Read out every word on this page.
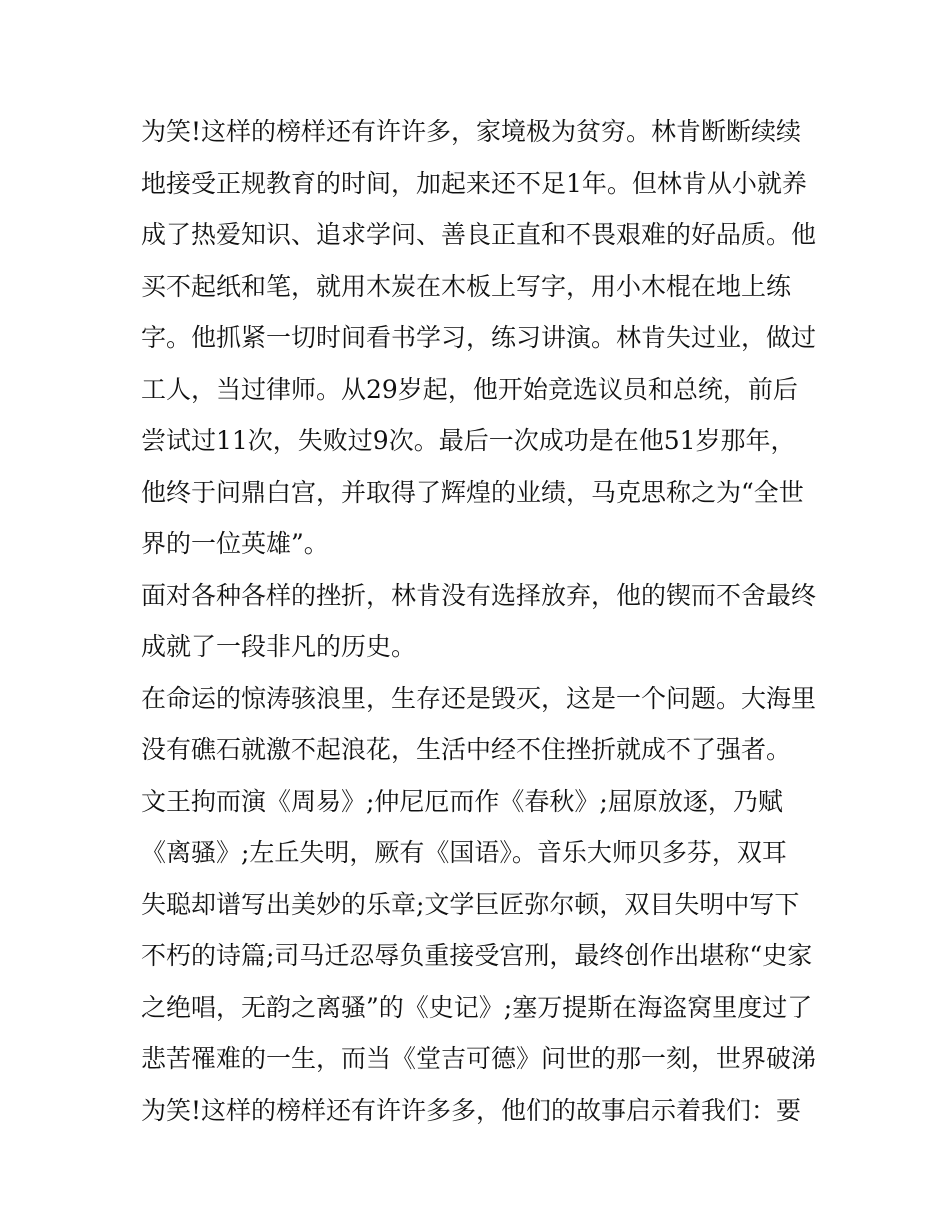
为笑!这样的榜样还有许许多，家境极为贫穷。林肯断断续续
地接受正规教育的时间，加起来还不足1年。但林肯从小就养
成了热爱知识、追求学问、善良正直和不畏艰难的好品质。他
买不起纸和笔，就用木炭在木板上写字，用小木棍在地上练
字。他抓紧一切时间看书学习，练习讲演。林肯失过业，做过
工人，当过律师。从29岁起，他开始竞选议员和总统，前后
尝试过11次，失败过9次。最后一次成功是在他51岁那年，
他终于问鼎白宫，并取得了辉煌的业绩，马克思称之为“全世
界的一位英雄”。
面对各种各样的挫折，林肯没有选择放弃，他的锲而不舍最终
成就了一段非凡的历史。
在命运的惊涛骇浪里，生存还是毁灭，这是一个问题。大海里
没有礁石就激不起浪花，生活中经不住挫折就成不了强者。
文王拘而演《周易》;仲尼厄而作《春秋》;屈原放逐，乃赋
《离骚》;左丘失明，厥有《国语》。音乐大师贝多芬，双耳
失聪却谱写出美妙的乐章;文学巨匠弥尔顿，双目失明中写下
不朽的诗篇;司马迁忍辱负重接受宫刑，最终创作出堪称“史家
之绝唱，无韵之离骚”的《史记》;塞万提斯在海盗窝里度过了
悲苦罹难的一生，而当《堂吉可德》问世的那一刻，世界破涕
为笑!这样的榜样还有许许多多，他们的故事启示着我们：要
